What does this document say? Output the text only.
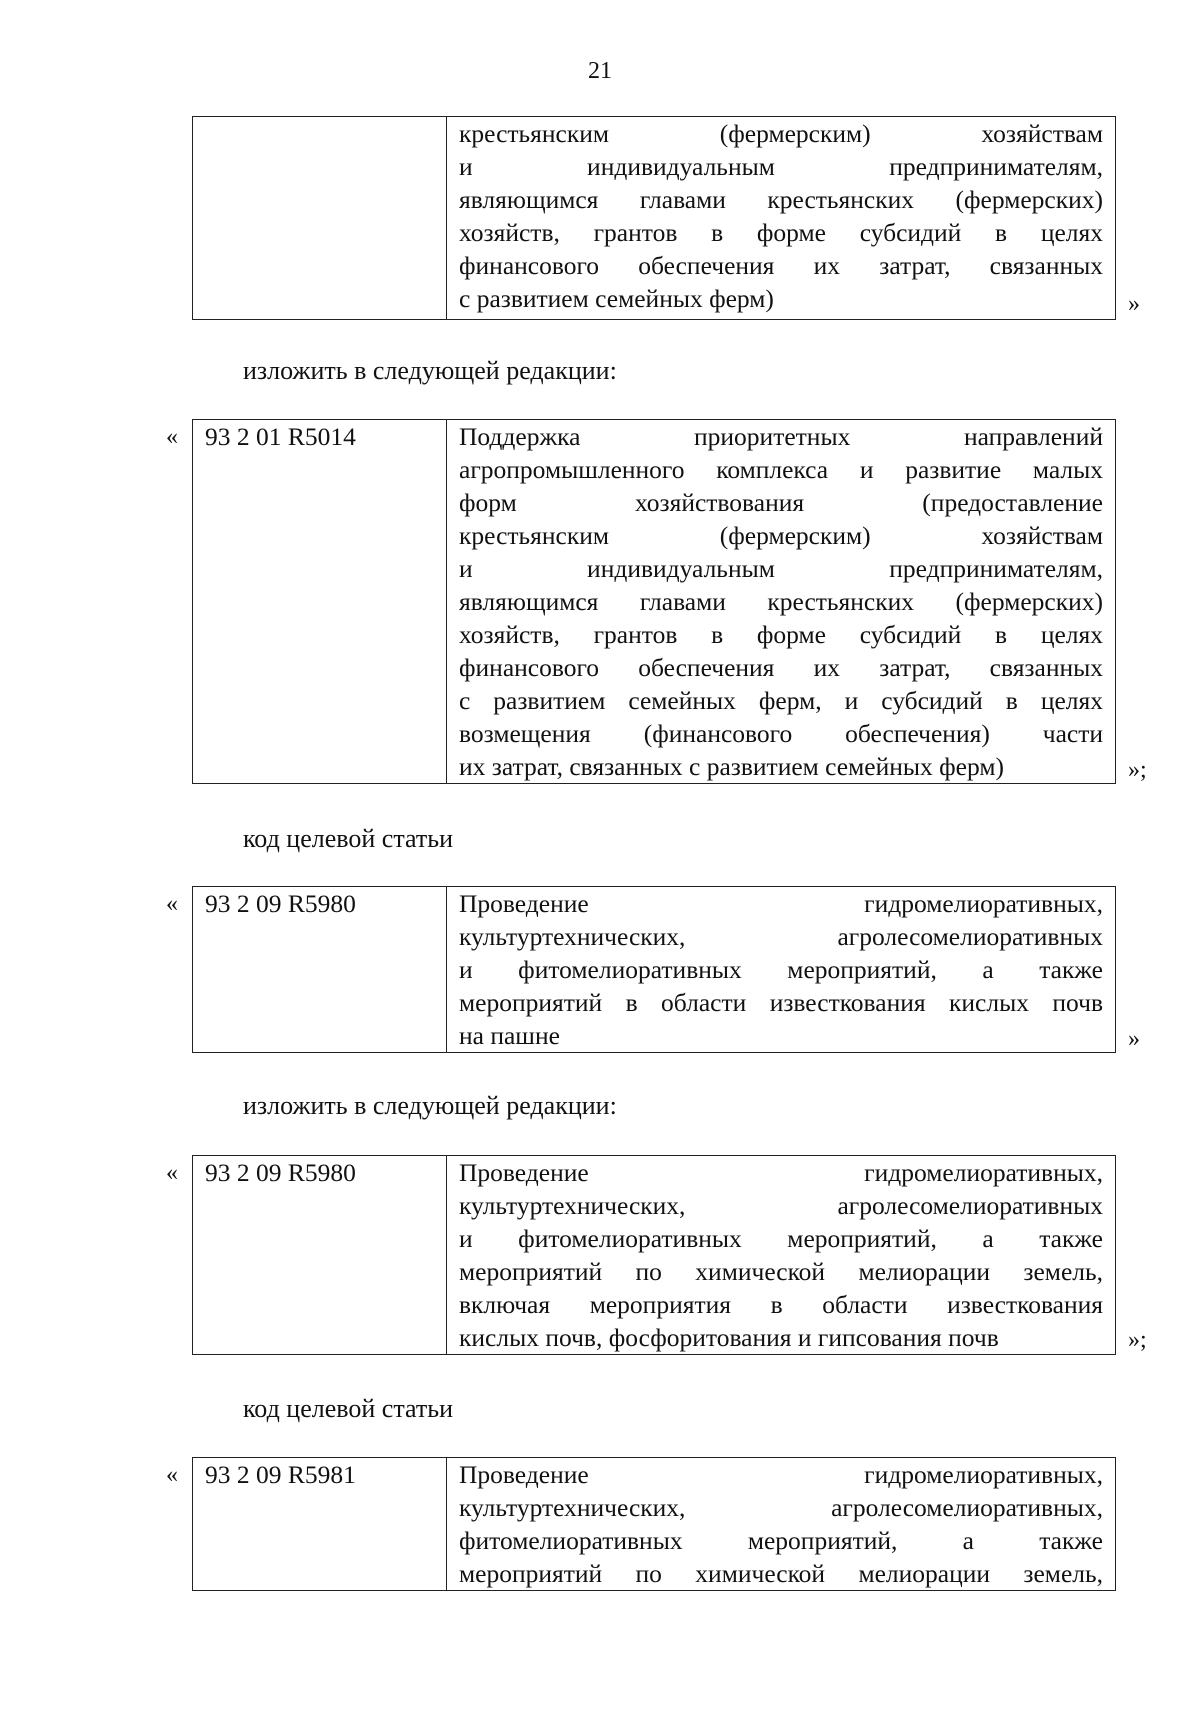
21

крестьянским (фермерским) хозяйствам
и индивидуальным предпринимателям,
являющимся главами крестьянских (фермерских)
хозяйств, грантов в форме субсидий в целях
финансового обеспечения их затрат, связанных
с развитием семейных ферм)	»
изложить в следующей редакции:
« 93 2 01 R5014	Поддержка приоритетных направлений
агропромышленного комплекса и развитие малых
форм хозяйствования (предоставление
крестьянским (фермерским) хозяйствам
и индивидуальным предпринимателям,
являющимся главами крестьянских (фермерских)
хозяйств, грантов в форме субсидий в целях
финансового обеспечения их затрат, связанных
с развитием семейных ферм, и субсидий в целях
возмещения (финансового обеспечения) части
их затрат, связанных с развитием семейных ферм)	»;
код целевой статьи
« 93 2 09 R5980	Проведение гидромелиоративных,
культуртехнических, агролесомелиоративных
и фитомелиоративных мероприятий, а также
мероприятий в области известкования кислых почв
на пашне	»
изложить в следующей редакции:
« 93 2 09 R5980	Проведение гидромелиоративных,
культуртехнических, агролесомелиоративных
и фитомелиоративных мероприятий, а также
мероприятий по химической мелиорации земель,
включая мероприятия в области известкования
кислых почв, фосфоритования и гипсования почв	»;
код целевой статьи
« 93 2 09 R5981	Проведение гидромелиоративных,
культуртехнических, агролесомелиоративных,
фитомелиоративных мероприятий, а также
мероприятий по химической мелиорации земель,
